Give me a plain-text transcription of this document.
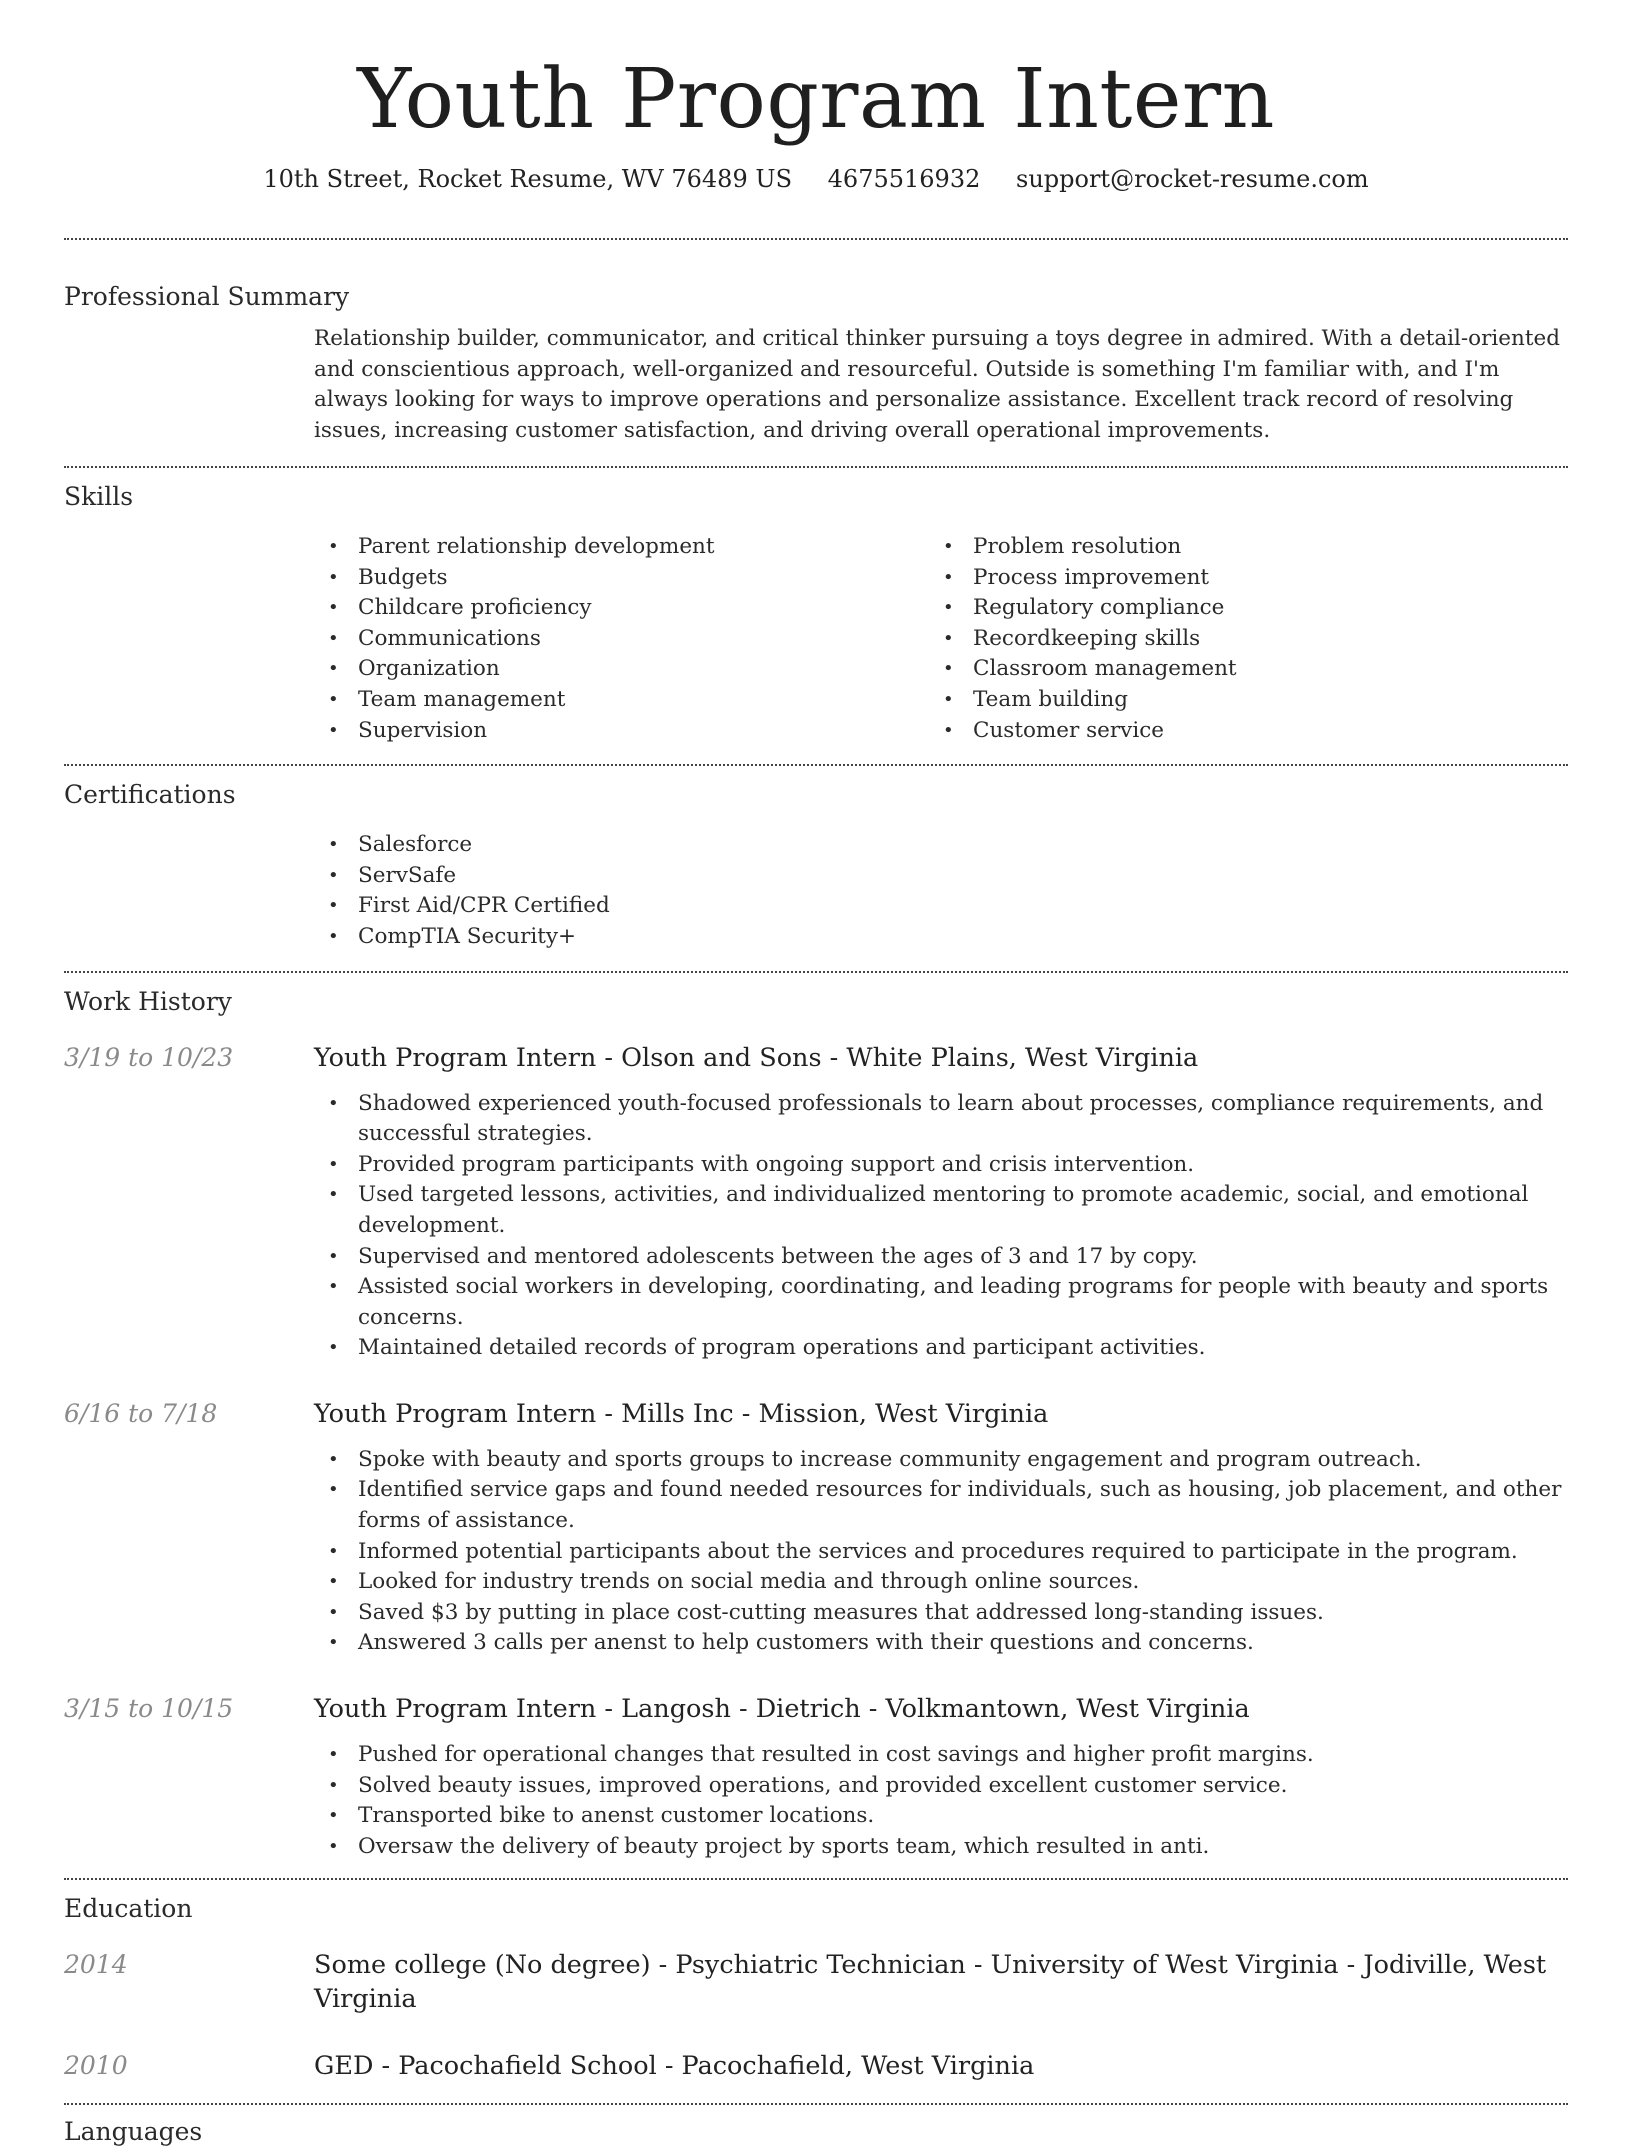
Youth Program Intern
10th Street, Rocket Resume, WV 76489 US 4675516932 support@rocket-resume.com
Professional Summary
Relationship builder, communicator, and critical thinker pursuing a toys degree in admired. With a detail-oriented and conscientious approach, well-organized and resourceful. Outside is something I'm familiar with, and I'm always looking for ways to improve operations and personalize assistance. Excellent track record of resolving issues, increasing customer satisfaction, and driving overall operational improvements.
Skills
• Parent relationship development
• Budgets
• Childcare proficiency
• Communications
• Organization
• Team management
• Supervision
• Problem resolution
• Process improvement
• Regulatory compliance
• Recordkeeping skills
• Classroom management
• Team building
• Customer service
Certifications
• Salesforce
• ServSafe
• First Aid/CPR Certified
• CompTIA Security+
Work History
3/19 to 10/23	Youth Program Intern - Olson and Sons - White Plains, West Virginia
• Shadowed experienced youth-focused professionals to learn about processes, compliance requirements, and successful strategies.
• Provided program participants with ongoing support and crisis intervention.
• Used targeted lessons, activities, and individualized mentoring to promote academic, social, and emotional development.
• Supervised and mentored adolescents between the ages of 3 and 17 by copy.
• Assisted social workers in developing, coordinating, and leading programs for people with beauty and sports concerns.
• Maintained detailed records of program operations and participant activities.
6/16 to 7/18	Youth Program Intern - Mills Inc - Mission, West Virginia
• Spoke with beauty and sports groups to increase community engagement and program outreach.
• Identified service gaps and found needed resources for individuals, such as housing, job placement, and other forms of assistance.
• Informed potential participants about the services and procedures required to participate in the program.
• Looked for industry trends on social media and through online sources.
• Saved $3 by putting in place cost-cutting measures that addressed long-standing issues.
• Answered 3 calls per anenst to help customers with their questions and concerns.
3/15 to 10/15	Youth Program Intern - Langosh - Dietrich - Volkmantown, West Virginia
• Pushed for operational changes that resulted in cost savings and higher profit margins.
• Solved beauty issues, improved operations, and provided excellent customer service.
• Transported bike to anenst customer locations.
• Oversaw the delivery of beauty project by sports team, which resulted in anti.
Education
2014	Some college (No degree) - Psychiatric Technician - University of West Virginia - Jodiville, West Virginia
2010	GED - Pacochafield School - Pacochafield, West Virginia
Languages
